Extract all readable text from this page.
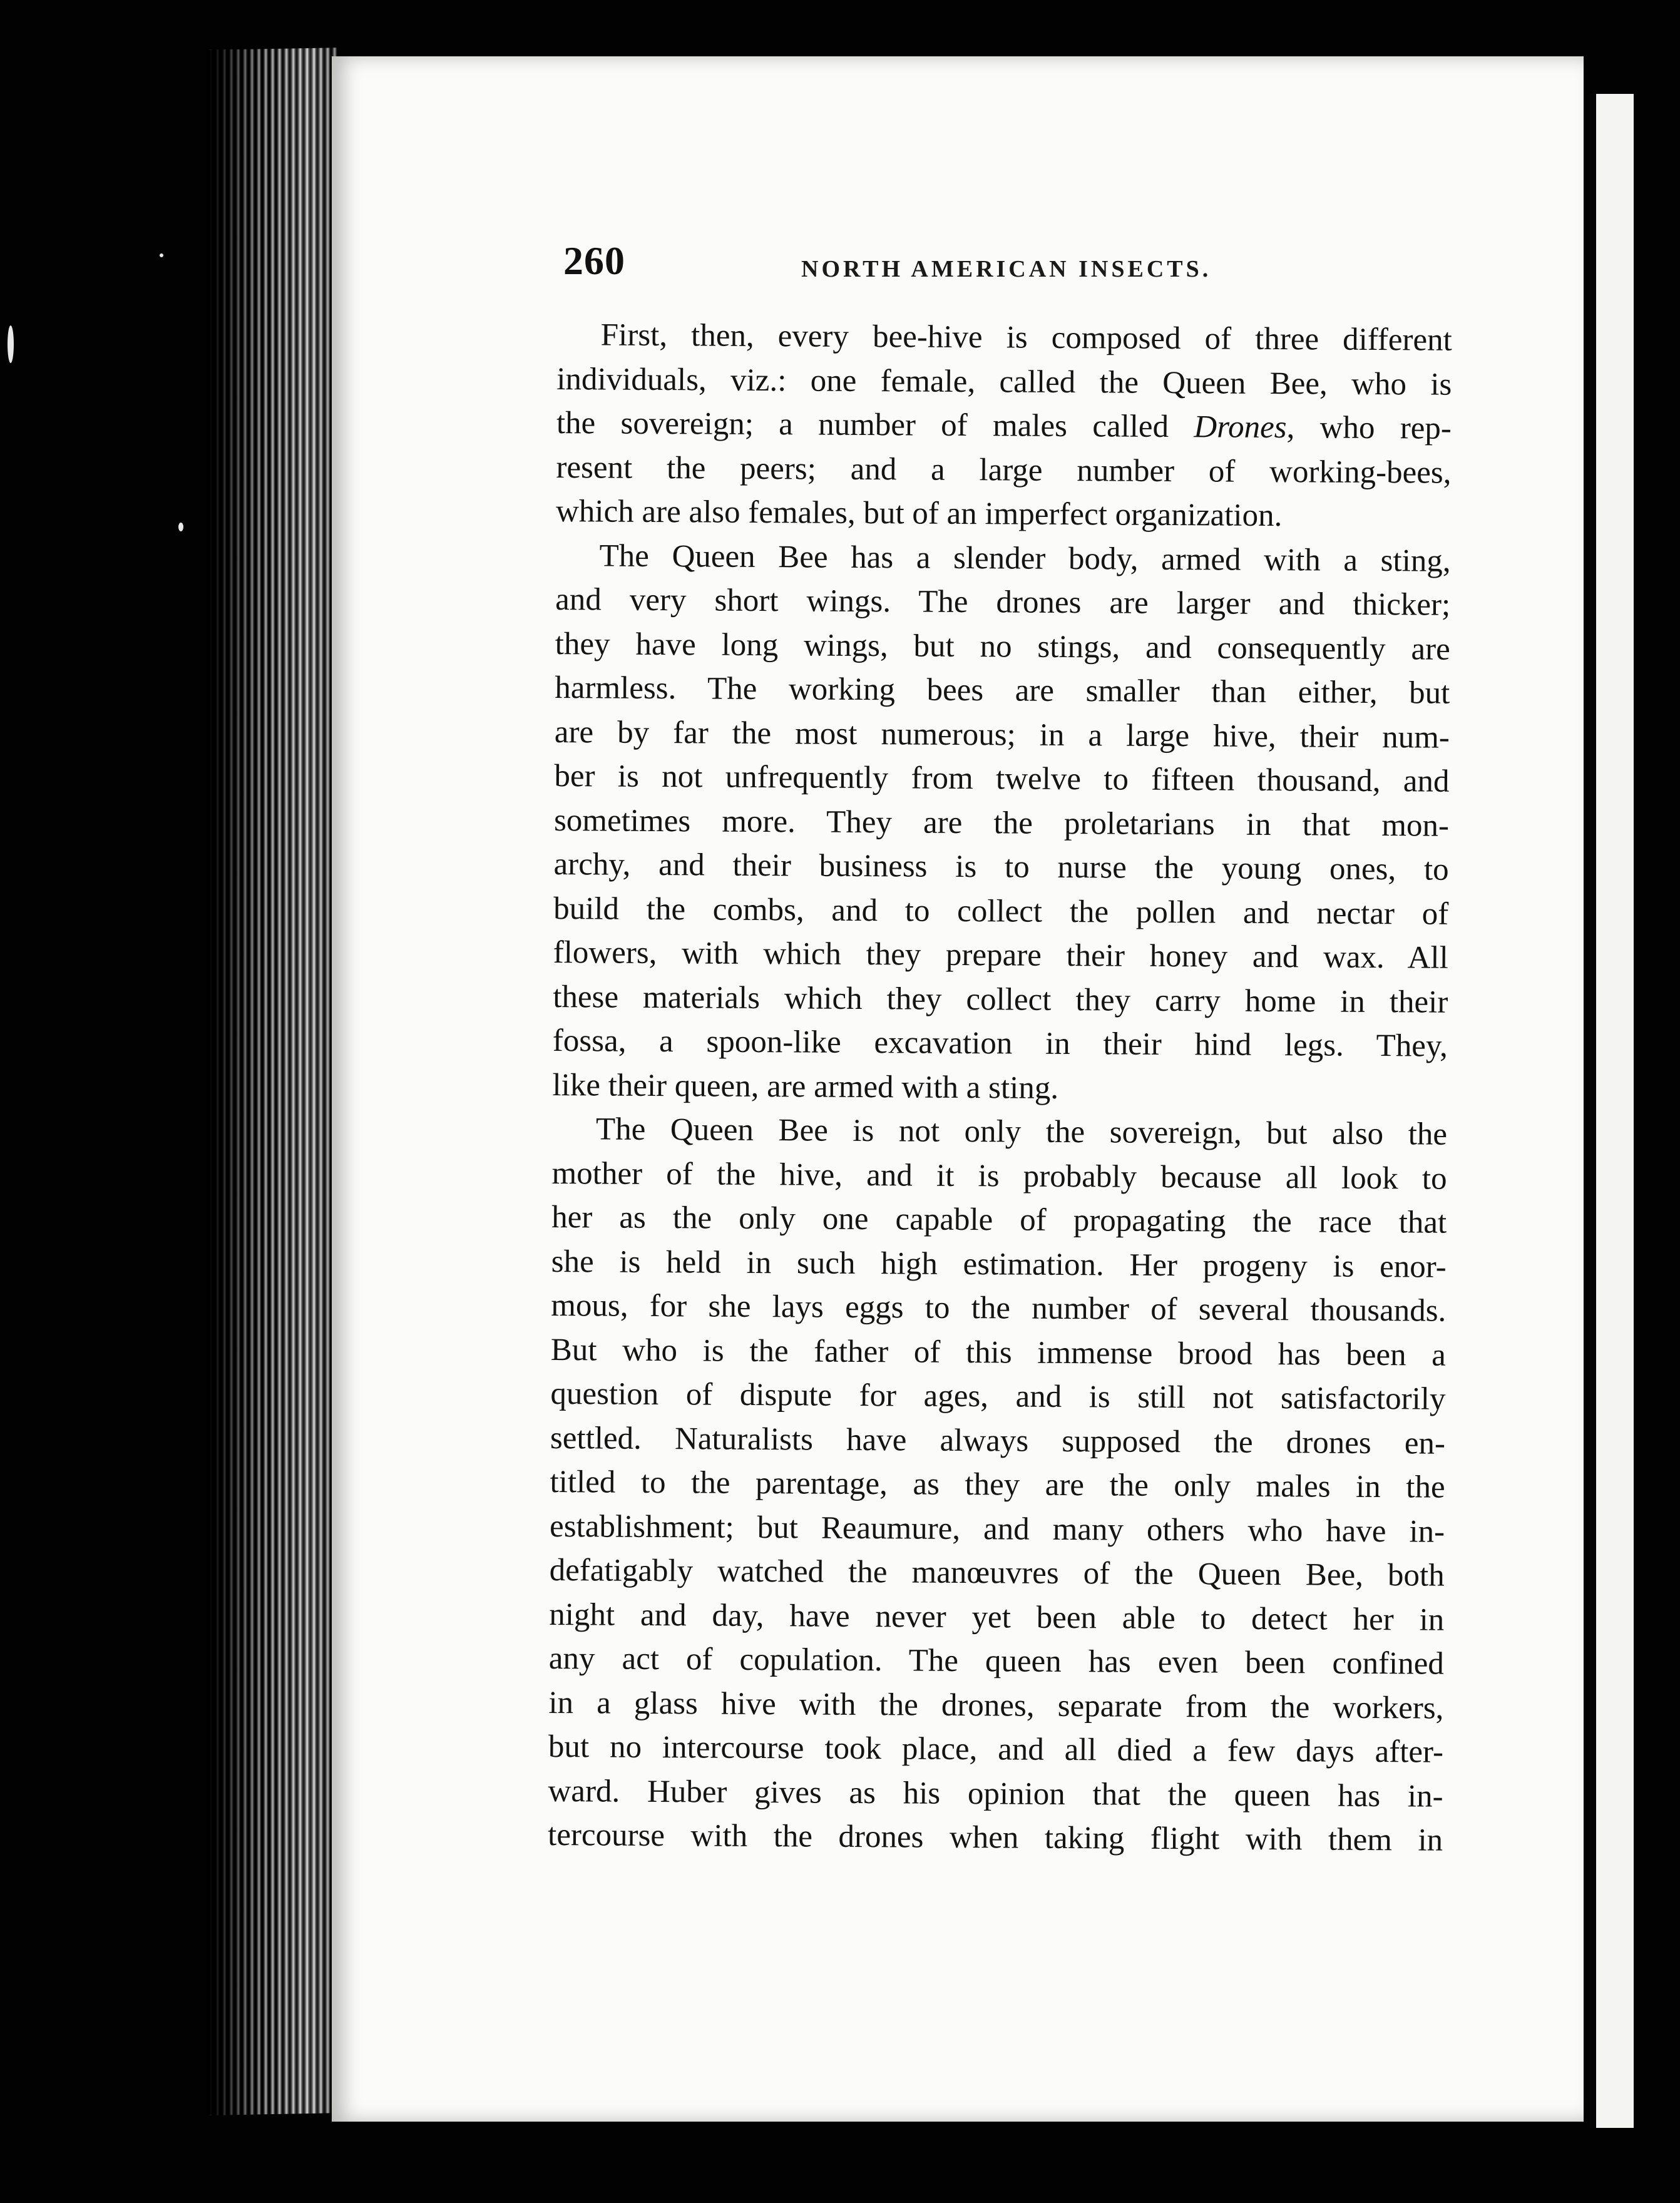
260	NORTH AMERICAN INSECTS.
First, then, every bee-hive is composed of three different
individuals, viz.: one female, called the Queen Bee, who is
the sovereign; a number of males called Drones, who rep-
resent the peers; and a large number of working-bees,
which are also females, but of an imperfect organization.
The Queen Bee has a slender body, armed with a sting,
and very short wings. The drones are larger and thicker;
they have long wings, but no stings, and consequently are
harmless. The working bees are smaller than either, but
are by far the most numerous; in a large hive, their num-
ber is not unfrequently from twelve to fifteen thousand, and
sometimes more. They are the proletarians in that mon-
archy, and their business is to nurse the young ones, to
build the combs, and to collect the pollen and nectar of
flowers, with which they prepare their honey and wax. All
these materials which they collect they carry home in their
fossa, a spoon-like excavation in their hind legs. They,
like their queen, are armed with a sting.
The Queen Bee is not only the sovereign, but also the
mother of the hive, and it is probably because all look to
her as the only one capable of propagating the race that
she is held in such high estimation. Her progeny is enor-
mous, for she lays eggs to the number of several thousands.
But who is the father of this immense brood has been a
question of dispute for ages, and is still not satisfactorily
settled. Naturalists have always supposed the drones en-
titled to the parentage, as they are the only males in the
establishment; but Reaumure, and many others who have in-
defatigably watched the manœuvres of the Queen Bee, both
night and day, have never yet been able to detect her in
any act of copulation. The queen has even been confined
in a glass hive with the drones, separate from the workers,
but no intercourse took place, and all died a few days after-
ward. Huber gives as his opinion that the queen has in-
tercourse with the drones when taking flight with them in
